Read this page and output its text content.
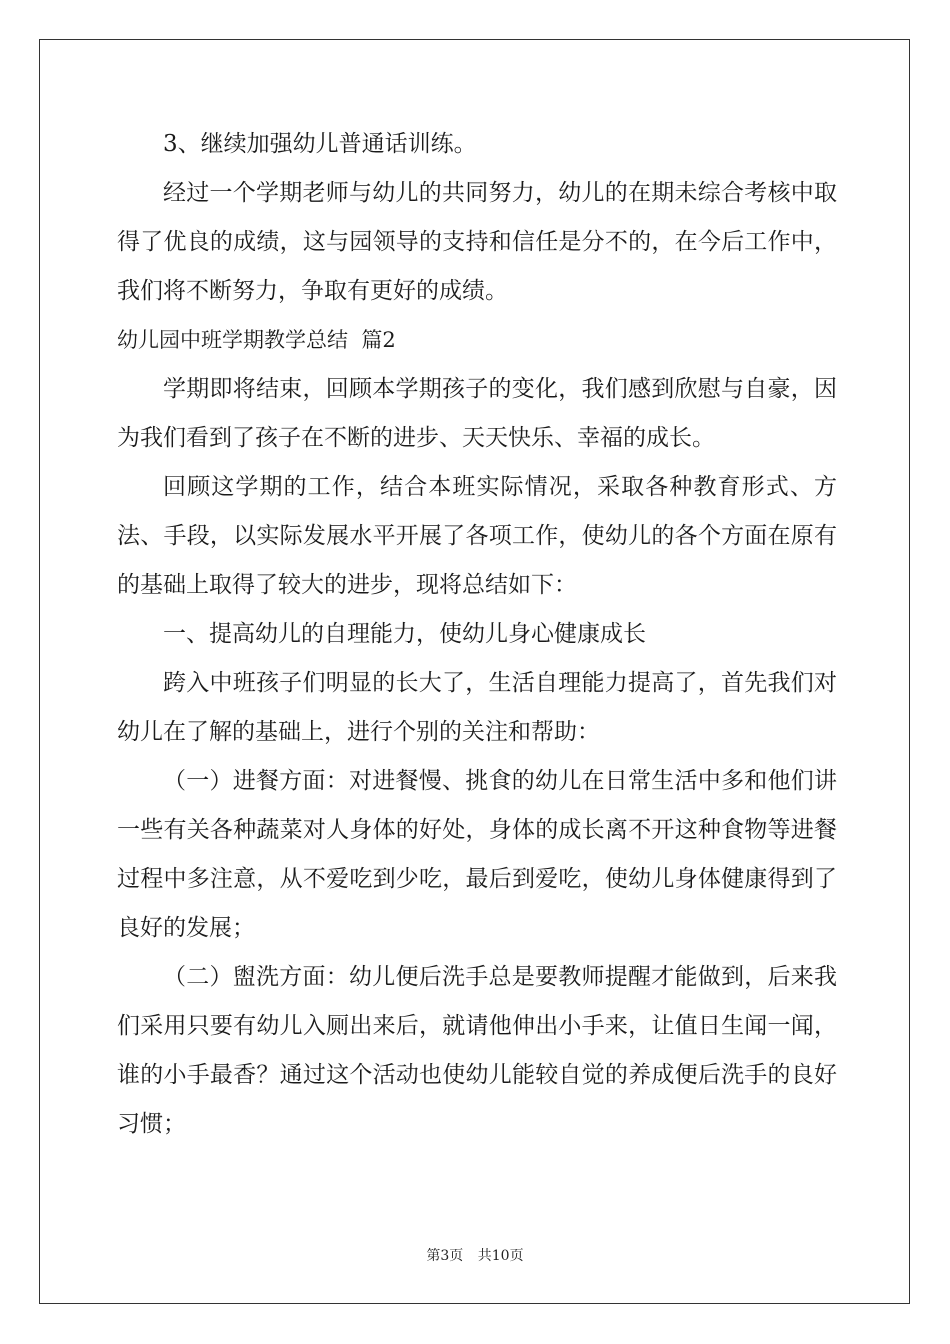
3、继续加强幼儿普通话训练。

经过一个学期老师与幼儿的共同努力，幼儿的在期未综合考核中取得了优良的成绩，这与园领导的支持和信任是分不的，在今后工作中，我们将不断努力，争取有更好的成绩。

幼儿园中班学期教学总结  篇2

学期即将结束，回顾本学期孩子的变化，我们感到欣慰与自豪，因为我们看到了孩子在不断的进步、天天快乐、幸福的成长。

回顾这学期的工作，结合本班实际情况，采取各种教育形式、方法、手段，以实际发展水平开展了各项工作，使幼儿的各个方面在原有的基础上取得了较大的进步，现将总结如下：

一、提高幼儿的自理能力，使幼儿身心健康成长

跨入中班孩子们明显的长大了，生活自理能力提高了，首先我们对幼儿在了解的基础上，进行个别的关注和帮助：

（一）进餐方面：对进餐慢、挑食的幼儿在日常生活中多和他们讲一些有关各种蔬菜对人身体的好处，身体的成长离不开这种食物等进餐过程中多注意，从不爱吃到少吃，最后到爱吃，使幼儿身体健康得到了良好的发展；

（二）盥洗方面：幼儿便后洗手总是要教师提醒才能做到，后来我们采用只要有幼儿入厕出来后，就请他伸出小手来，让值日生闻一闻，谁的小手最香？通过这个活动也使幼儿能较自觉的养成便后洗手的良好习惯；

第3页 共10页
